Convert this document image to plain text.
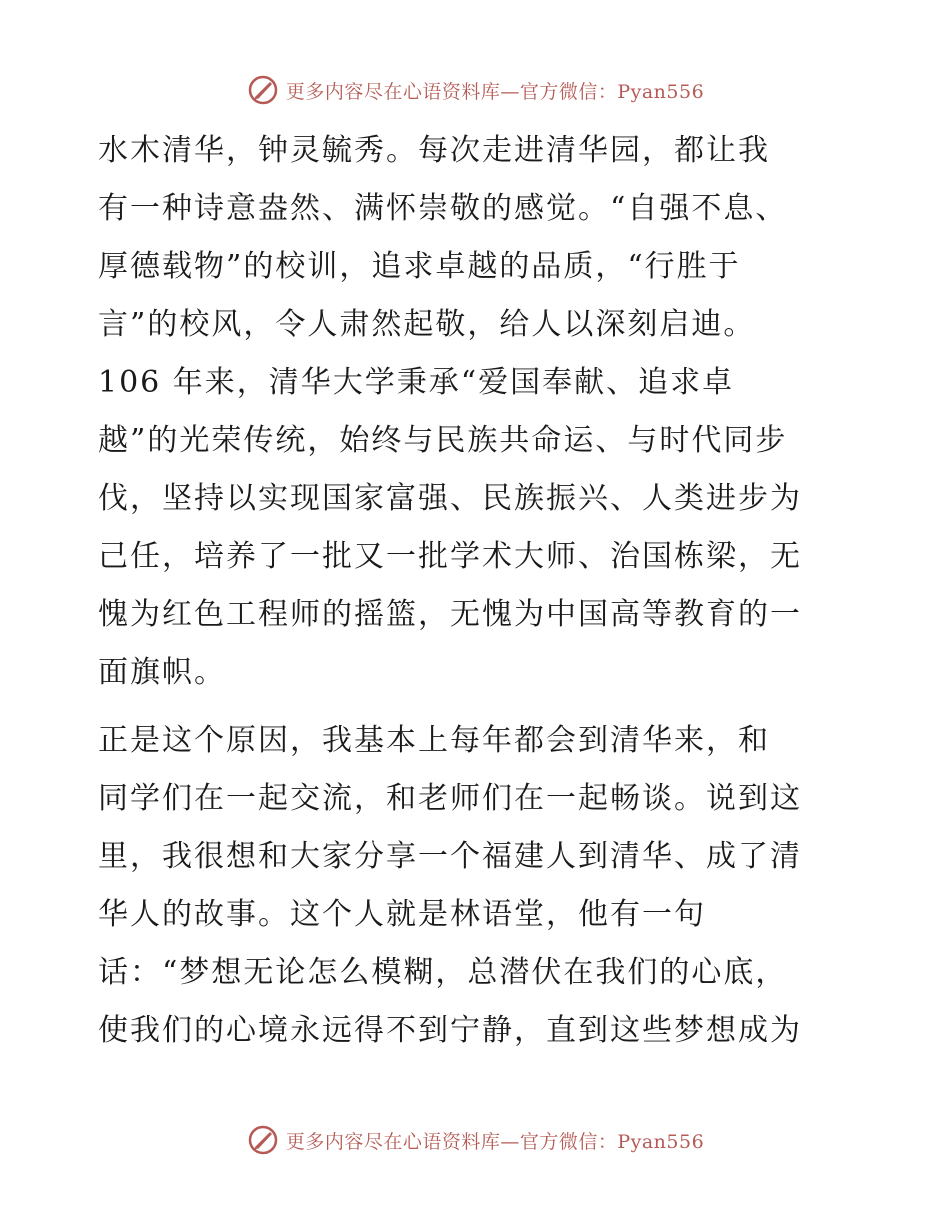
更多内容尽在心语资料库—官方微信：Pyan556

水木清华，钟灵毓秀。每次走进清华园，都让我
有一种诗意盎然、满怀崇敬的感觉。“自强不息、
厚德载物”的校训，追求卓越的品质，“行胜于
言”的校风，令人肃然起敬，给人以深刻启迪。
106 年来，清华大学秉承“爱国奉献、追求卓
越”的光荣传统，始终与民族共命运、与时代同步
伐，坚持以实现国家富强、民族振兴、人类进步为
己任，培养了一批又一批学术大师、治国栋梁，无
愧为红色工程师的摇篮，无愧为中国高等教育的一
面旗帜。

正是这个原因，我基本上每年都会到清华来，和
同学们在一起交流，和老师们在一起畅谈。说到这
里，我很想和大家分享一个福建人到清华、成了清
华人的故事。这个人就是林语堂，他有一句
话：“梦想无论怎么模糊，总潜伏在我们的心底，
使我们的心境永远得不到宁静，直到这些梦想成为

更多内容尽在心语资料库—官方微信：Pyan556
